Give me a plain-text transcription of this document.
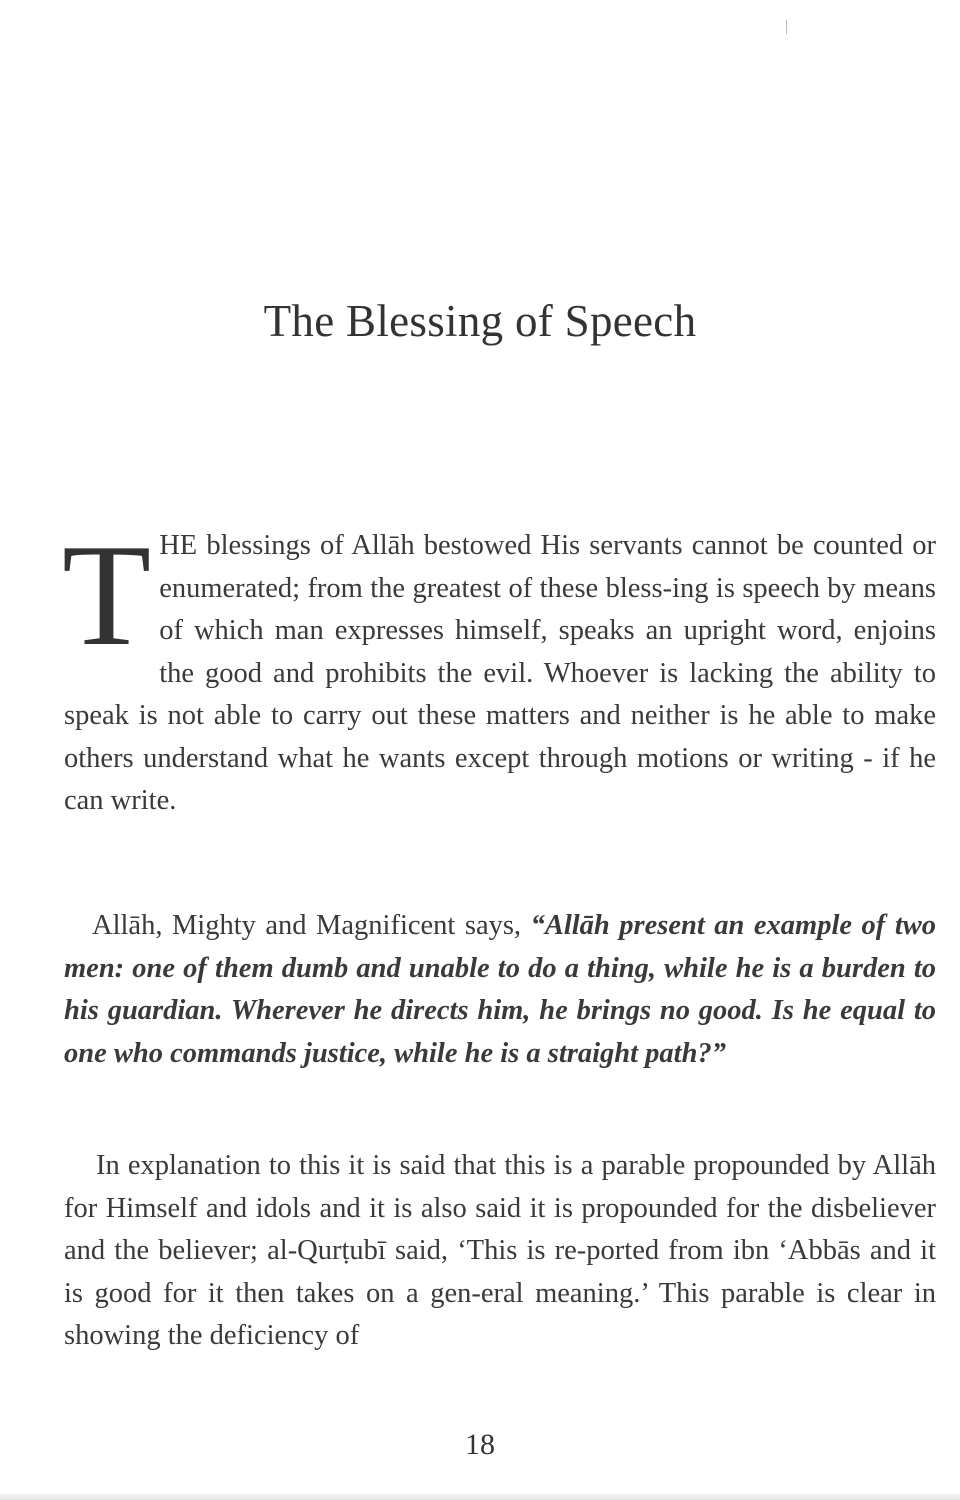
The Blessing of Speech

THE blessings of Allāh bestowed His servants cannot be counted or enumerated; from the greatest of these bless-ing is speech by means of which man expresses himself, speaks an upright word, enjoins the good and prohibits the evil. Whoever is lacking the ability to speak is not able to carry out these matters and neither is he able to make others understand what he wants except through motions or writing - if he can write.

Allāh, Mighty and Magnificent says, “Allāh present an example of two men: one of them dumb and unable to do a thing, while he is a burden to his guardian. Wherever he directs him, he brings no good. Is he equal to one who commands justice, while he is a straight path?”

In explanation to this it is said that this is a parable propounded by Allāh for Himself and idols and it is also said it is propounded for the disbeliever and the believer; al-Qurṭubī said, ‘This is re-ported from ibn ‘Abbās and it is good for it then takes on a gen-eral meaning.’ This parable is clear in showing the deficiency of

18
